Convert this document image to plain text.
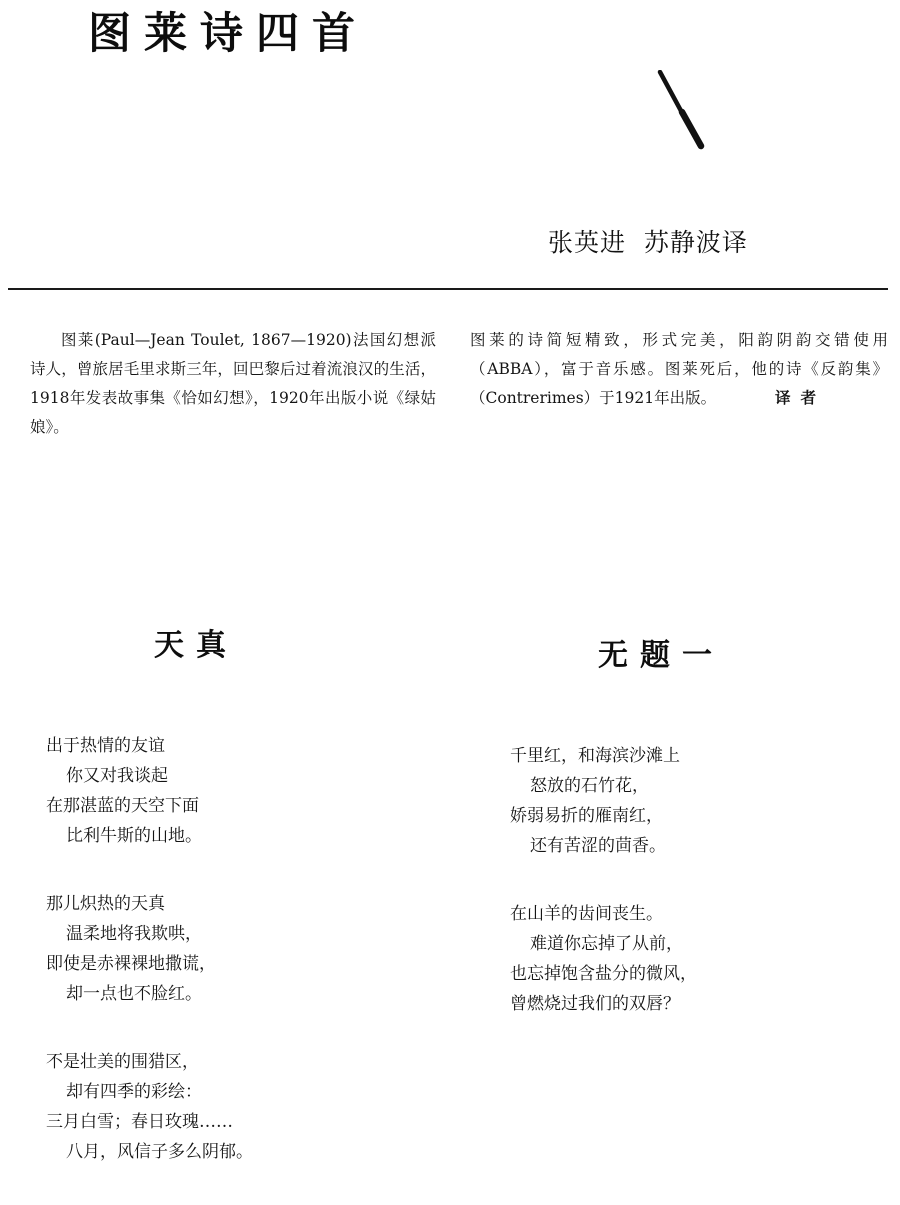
图莱诗四首
张英进  苏静波译

图莱(Paul—Jean Toulet, 1867—1920)法国幻想派诗人，曾旅居毛里求斯三年，回巴黎后过着流浪汉的生活，1918年发表故事集《恰如幻想》，1920年出版小说《绿姑娘》。

图莱的诗简短精致，形式完美，阳韵阴韵交错使用（ABBA），富于音乐感。图莱死后，他的诗《反韵集》（Contrerimes）于1921年出版。	译者
天真
出于热情的友谊
你又对我谈起
在那湛蓝的天空下面
比利牛斯的山地。
那儿炽热的天真
温柔地将我欺哄，
即使是赤裸裸地撒谎，
却一点也不脸红。
不是壮美的围猎区，
却有四季的彩绘：
三月白雪；春日玫瑰……
八月，风信子多么阴郁。
无题一
千里红，和海滨沙滩上
怒放的石竹花，
娇弱易折的雁南红，
还有苦涩的茴香。
在山羊的齿间丧生。
难道你忘掉了从前，
也忘掉饱含盐分的微风，
曾燃烧过我们的双唇？
